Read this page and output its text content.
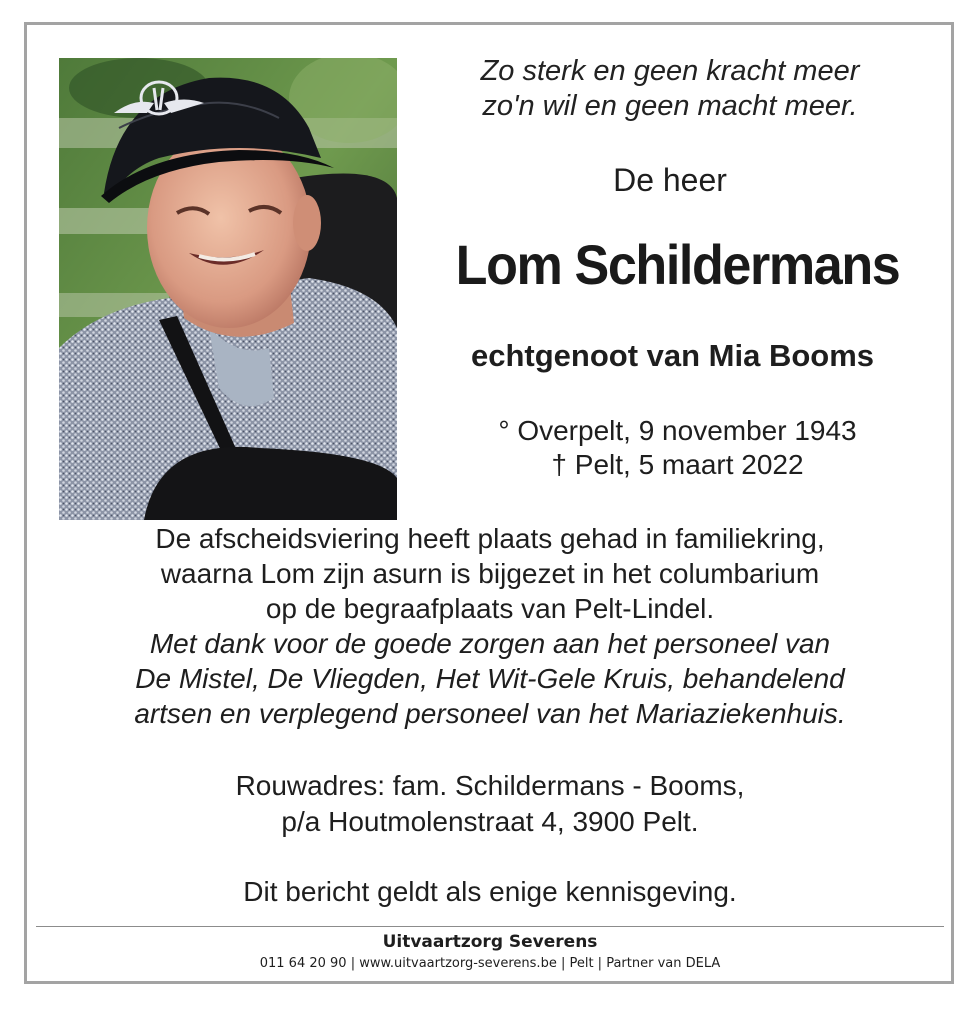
Zo sterk en geen kracht meer
zo'n wil en geen macht meer.
De heer
Lom Schildermans
echtgenoot van Mia Booms
° Overpelt, 9 november 1943
† Pelt, 5 maart 2022
De afscheidsviering heeft plaats gehad in familiekring,
waarna Lom zijn asurn is bijgezet in het columbarium
op de begraafplaats van Pelt-Lindel.
Met dank voor de goede zorgen aan het personeel van
De Mistel, De Vliegden, Het Wit-Gele Kruis, behandelend
artsen en verplegend personeel van het Mariaziekenhuis.
Rouwadres: fam. Schildermans - Booms,
p/a Houtmolenstraat 4, 3900 Pelt.
Dit bericht geldt als enige kennisgeving.
Uitvaartzorg Severens
011 64 20 90 | www.uitvaartzorg-severens.be | Pelt | Partner van DELA
